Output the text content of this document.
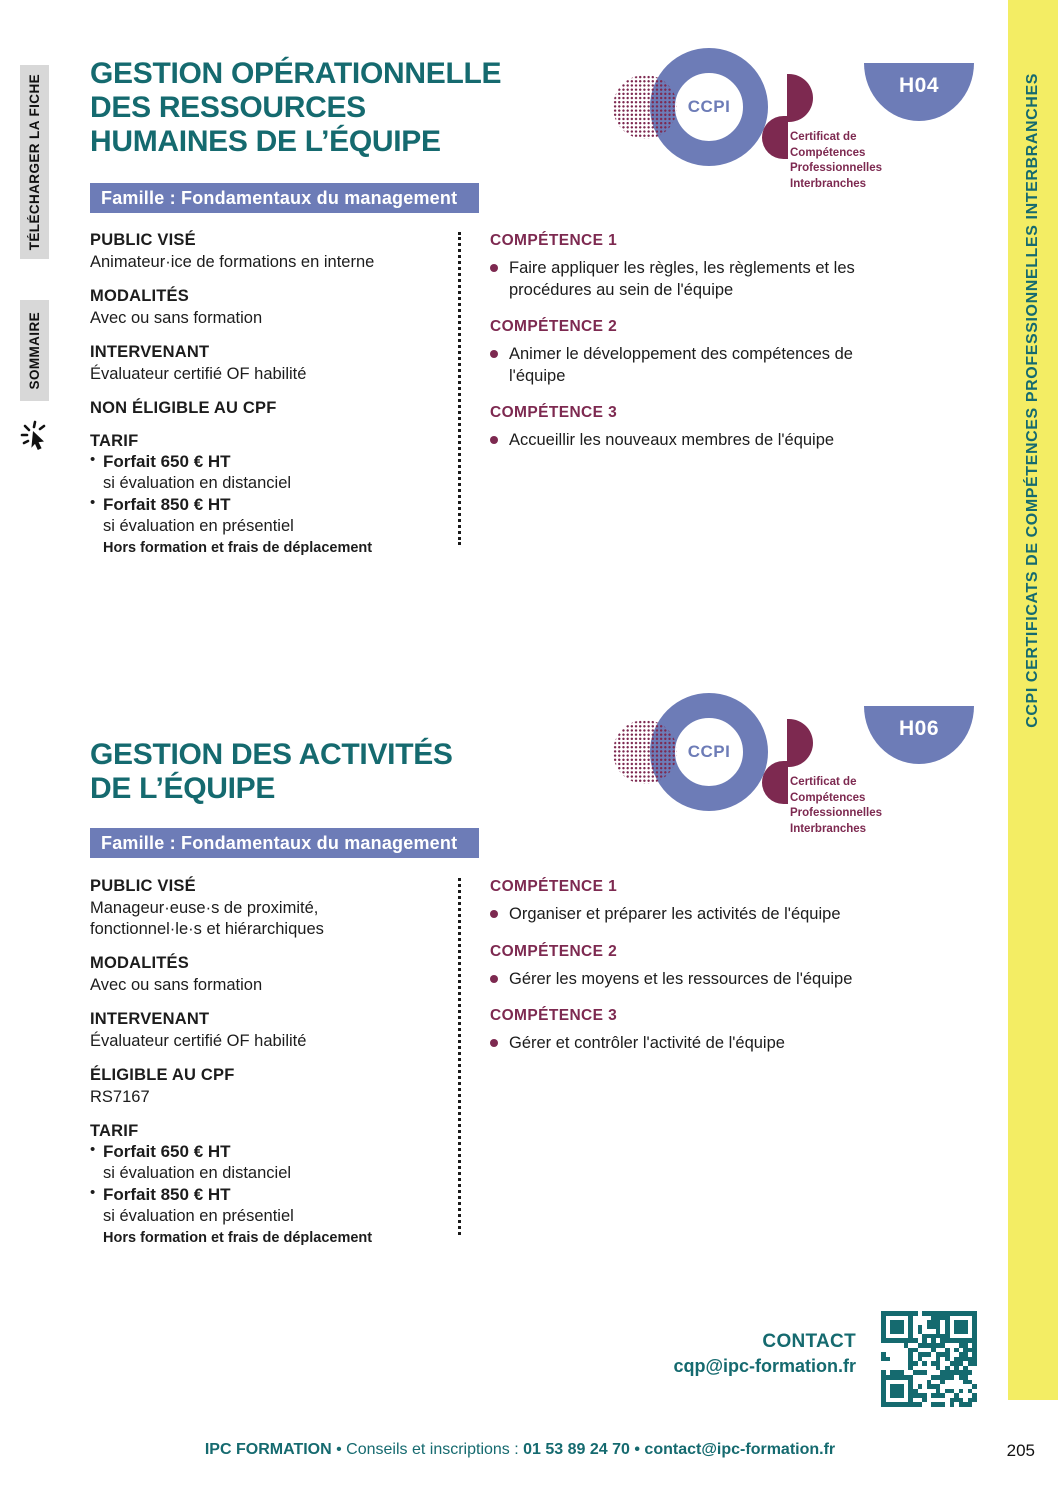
CCPI CERTIFICATS DE COMPÉTENCES PROFESSIONNELLES INTERBRANCHES
TÉLÉCHARGER LA FICHE
SOMMAIRE
GESTION OPÉRATIONNELLE
DES RESSOURCES
HUMAINES DE L’ÉQUIPE
Famille : Fondamentaux du management
CCPI
Certificat de
Compétences
Professionnelles
Interbranches
H04
PUBLIC VISÉ
Animateur·ice de formations en interne
MODALITÉS
Avec ou sans formation
INTERVENANT
Évaluateur certifié OF habilité
NON ÉLIGIBLE AU CPF
TARIF
• Forfait 650 € HT
si évaluation en distanciel
• Forfait 850 € HT
si évaluation en présentiel
Hors formation et frais de déplacement
COMPÉTENCE 1
Faire appliquer les règles, les règlements et les procédures au sein de l'équipe
COMPÉTENCE 2
Animer le développement des compétences de l'équipe
COMPÉTENCE 3
Accueillir les nouveaux membres de l'équipe
CCPI
Certificat de
Compétences
Professionnelles
Interbranches
H06
GESTION DES ACTIVITÉS
DE L’ÉQUIPE
Famille : Fondamentaux du management
PUBLIC VISÉ
Manageur·euse·s de proximité, fonctionnel·le·s et hiérarchiques
MODALITÉS
Avec ou sans formation
INTERVENANT
Évaluateur certifié OF habilité
ÉLIGIBLE AU CPF
RS7167
TARIF
• Forfait 650 € HT
si évaluation en distanciel
• Forfait 850 € HT
si évaluation en présentiel
Hors formation et frais de déplacement
COMPÉTENCE 1
Organiser et préparer les activités de l'équipe
COMPÉTENCE 2
Gérer les moyens et les ressources de l'équipe
COMPÉTENCE 3
Gérer et contrôler l'activité de l'équipe
CONTACT
cqp@ipc-formation.fr
IPC FORMATION • Conseils et inscriptions : 01 53 89 24 70 • contact@ipc-formation.fr	205
